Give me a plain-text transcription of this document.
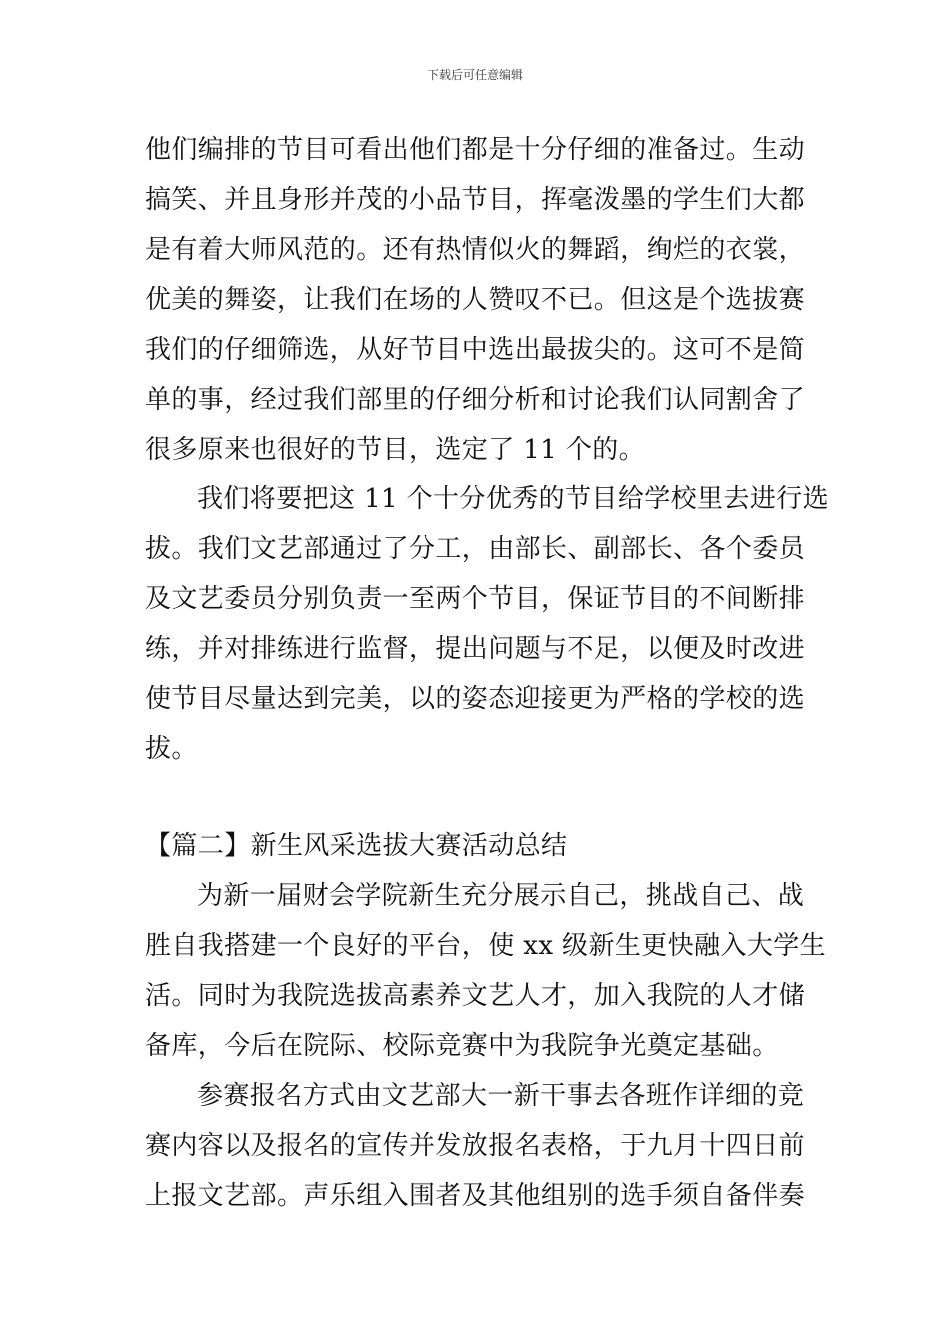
下载后可任意编辑
他们编排的节目可看出他们都是十分仔细的准备过。生动
搞笑、并且身形并茂的小品节目，挥毫泼墨的学生们大都
是有着大师风范的。还有热情似火的舞蹈，绚烂的衣裳，
优美的舞姿，让我们在场的人赞叹不已。但这是个选拔赛
我们的仔细筛选，从好节目中选出最拔尖的。这可不是简
单的事，经过我们部里的仔细分析和讨论我们认同割舍了
很多原来也很好的节目，选定了 11 个的。
我们将要把这 11 个十分优秀的节目给学校里去进行选
拔。我们文艺部通过了分工，由部长、副部长、各个委员
及文艺委员分别负责一至两个节目，保证节目的不间断排
练，并对排练进行监督，提出问题与不足，以便及时改进
使节目尽量达到完美，以的姿态迎接更为严格的学校的选
拔。
【篇二】新生风采选拔大赛活动总结
为新一届财会学院新生充分展示自己，挑战自己、战
胜自我搭建一个良好的平台，使 xx 级新生更快融入大学生
活。同时为我院选拔高素养文艺人才，加入我院的人才储
备库，今后在院际、校际竞赛中为我院争光奠定基础。
参赛报名方式由文艺部大一新干事去各班作详细的竞
赛内容以及报名的宣传并发放报名表格，于九月十四日前
上报文艺部。声乐组入围者及其他组别的选手须自备伴奏
